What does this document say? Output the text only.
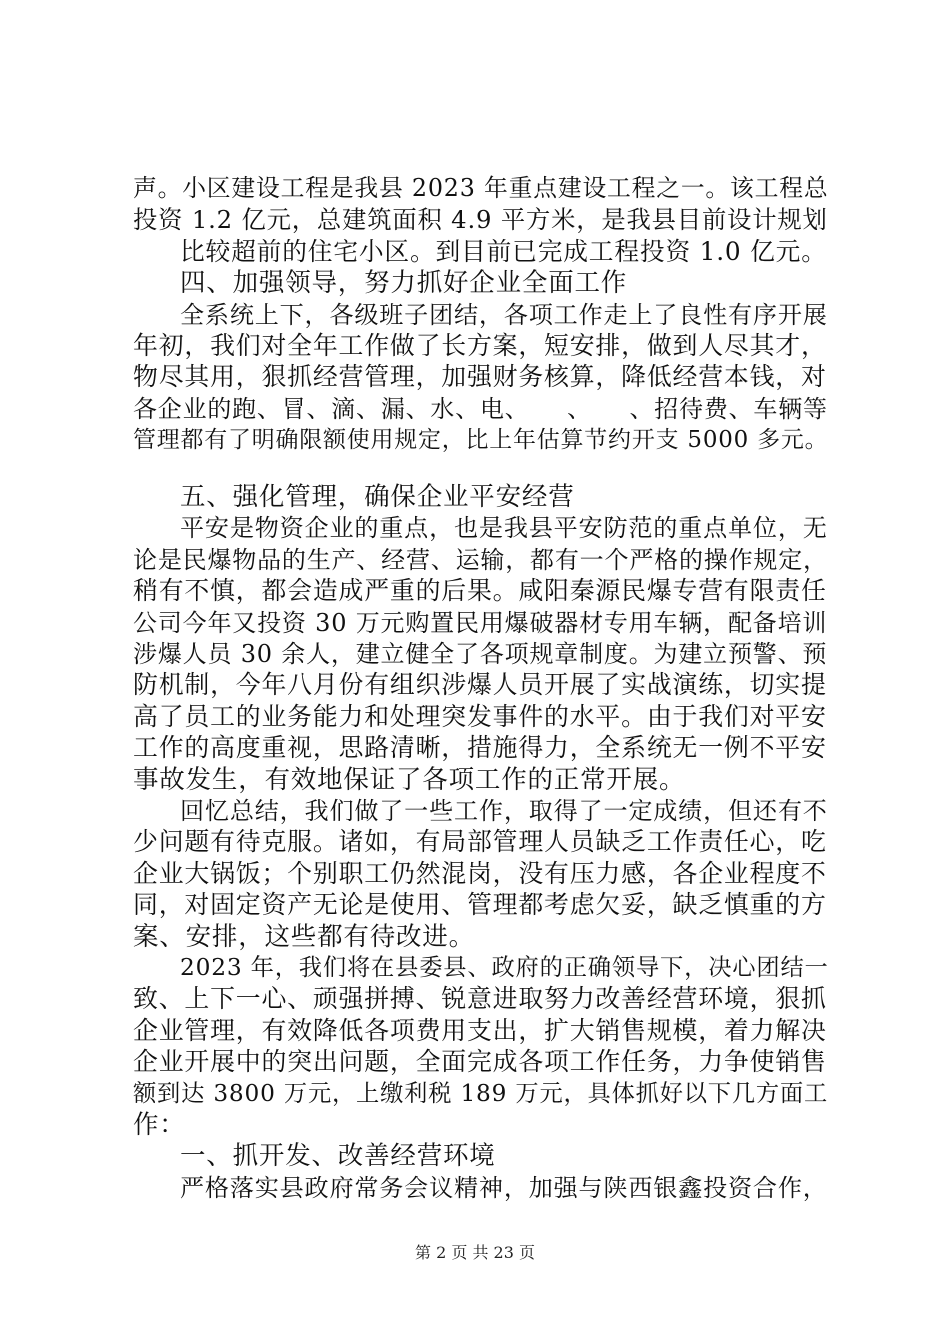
声。小区建设工程是我县 2023 年重点建设工程之一。该工程总
投资 1.2 亿元，总建筑面积 4.9 平方米，是我县目前设计规划
比较超前的住宅小区。到目前已完成工程投资 1.0 亿元。
四、加强领导，努力抓好企业全面工作
全系统上下，各级班子团结，各项工作走上了良性有序开展
年初，我们对全年工作做了长方案，短安排，做到人尽其才，
物尽其用，狠抓经营管理，加强财务核算，降低经营本钱，对
各企业的跑、冒、滴、漏、水、电、　　、　　、招待费、车辆等
管理都有了明确限额使用规定，比上年估算节约开支 5000 多元。
五、强化管理，确保企业平安经营
平安是物资企业的重点，也是我县平安防范的重点单位，无
论是民爆物品的生产、经营、运输，都有一个严格的操作规定，
稍有不慎，都会造成严重的后果。咸阳秦源民爆专营有限责任
公司今年又投资 30 万元购置民用爆破器材专用车辆，配备培训
涉爆人员 30 余人，建立健全了各项规章制度。为建立预警、预
防机制，今年八月份有组织涉爆人员开展了实战演练，切实提
高了员工的业务能力和处理突发事件的水平。由于我们对平安
工作的高度重视，思路清晰，措施得力，全系统无一例不平安
事故发生，有效地保证了各项工作的正常开展。
回忆总结，我们做了一些工作，取得了一定成绩，但还有不
少问题有待克服。诸如，有局部管理人员缺乏工作责任心，吃
企业大锅饭；个别职工仍然混岗，没有压力感，各企业程度不
同，对固定资产无论是使用、管理都考虑欠妥，缺乏慎重的方
案、安排，这些都有待改进。
2023 年，我们将在县委县、政府的正确领导下，决心团结一
致、上下一心、顽强拼搏、锐意进取努力改善经营环境，狠抓
企业管理，有效降低各项费用支出，扩大销售规模，着力解决
企业开展中的突出问题，全面完成各项工作任务，力争使销售
额到达 3800 万元，上缴利税 189 万元，具体抓好以下几方面工
作：
一、抓开发、改善经营环境
严格落实县政府常务会议精神，加强与陕西银鑫投资合作，
第 2 页 共 23 页
